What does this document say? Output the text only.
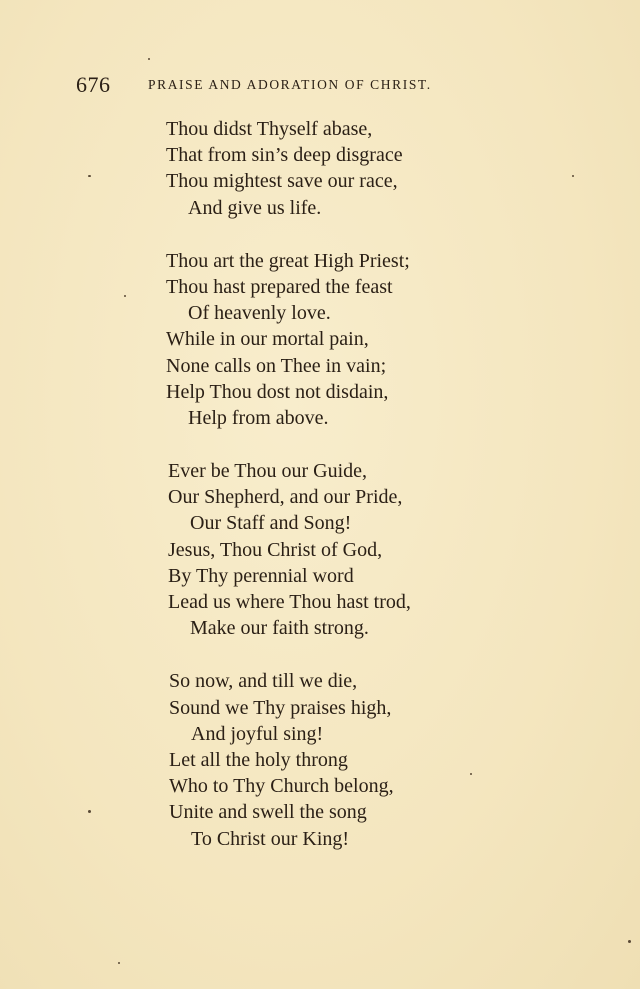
676	PRAISE AND ADORATION OF CHRIST.
Thou didst Thyself abase,
That from sin’s deep disgrace
Thou mightest save our race,
And give us life.
Thou art the great High Priest;
Thou hast prepared the feast
Of heavenly love.
While in our mortal pain,
None calls on Thee in vain;
Help Thou dost not disdain,
Help from above.
Ever be Thou our Guide,
Our Shepherd, and our Pride,
Our Staff and Song!
Jesus, Thou Christ of God,
By Thy perennial word
Lead us where Thou hast trod,
Make our faith strong.
So now, and till we die,
Sound we Thy praises high,
And joyful sing!
Let all the holy throng
Who to Thy Church belong,
Unite and swell the song
To Christ our King!
